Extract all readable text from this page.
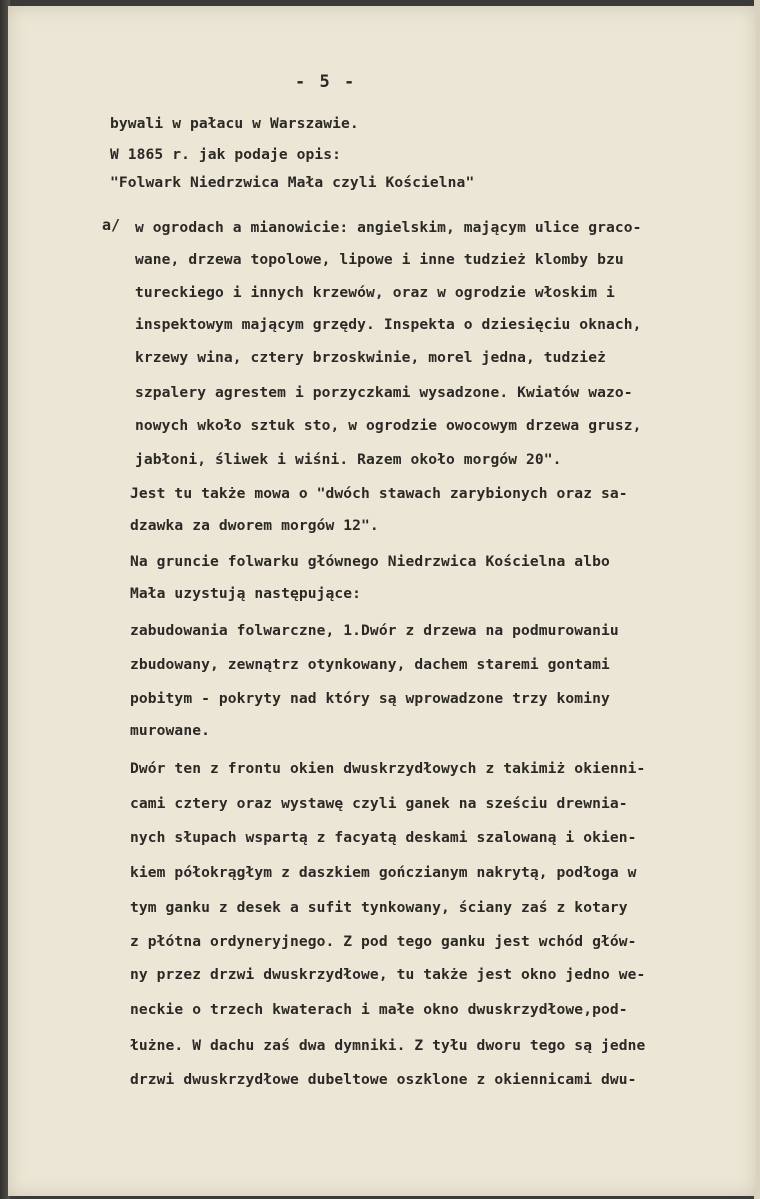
- 5 -
a/
bywali w pałacu w Warszawie.
W 1865 r. jak podaje opis:
"Folwark Niedrzwica Mała czyli Kościelna"
w ogrodach a mianowicie: angielskim, mającym ulice graco-
wane, drzewa topolowe, lipowe i inne tudzież klomby bzu
tureckiego i innych krzewów, oraz w ogrodzie włoskim i
inspektowym mającym grzędy. Inspekta o dziesięciu oknach,
krzewy wina, cztery brzoskwinie, morel jedna, tudzież
szpalery agrestem i porzyczkami wysadzone. Kwiatów wazo-
nowych wkoło sztuk sto, w ogrodzie owocowym drzewa grusz,
jabłoni, śliwek i wiśni. Razem około morgów 20".
Jest tu także mowa o "dwóch stawach zarybionych oraz sa-
dzawka za dworem morgów 12".
Na gruncie folwarku głównego Niedrzwica Kościelna albo
Mała uzystują następujące:
zabudowania folwarczne, 1.Dwór z drzewa na podmurowaniu
zbudowany, zewnątrz otynkowany, dachem staremi gontami
pobitym - pokryty nad który są wprowadzone trzy kominy
murowane.
Dwór ten z frontu okien dwuskrzydłowych z takimiż okienni-
cami cztery oraz wystawę czyli ganek na sześciu drewnia-
nych słupach wspartą z facyatą deskami szalowaną i okien-
kiem półokrągłym z daszkiem gończianym nakrytą, podłoga w
tym ganku z desek a sufit tynkowany, ściany zaś z kotary
z płótna ordyneryjnego. Z pod tego ganku jest wchód głów-
ny przez drzwi dwuskrzydłowe, tu także jest okno jedno we-
neckie o trzech kwaterach i małe okno dwuskrzydłowe,pod-
łużne. W dachu zaś dwa dymniki. Z tyłu dworu tego są jedne
drzwi dwuskrzydłowe dubeltowe oszklone z okiennicami dwu-
